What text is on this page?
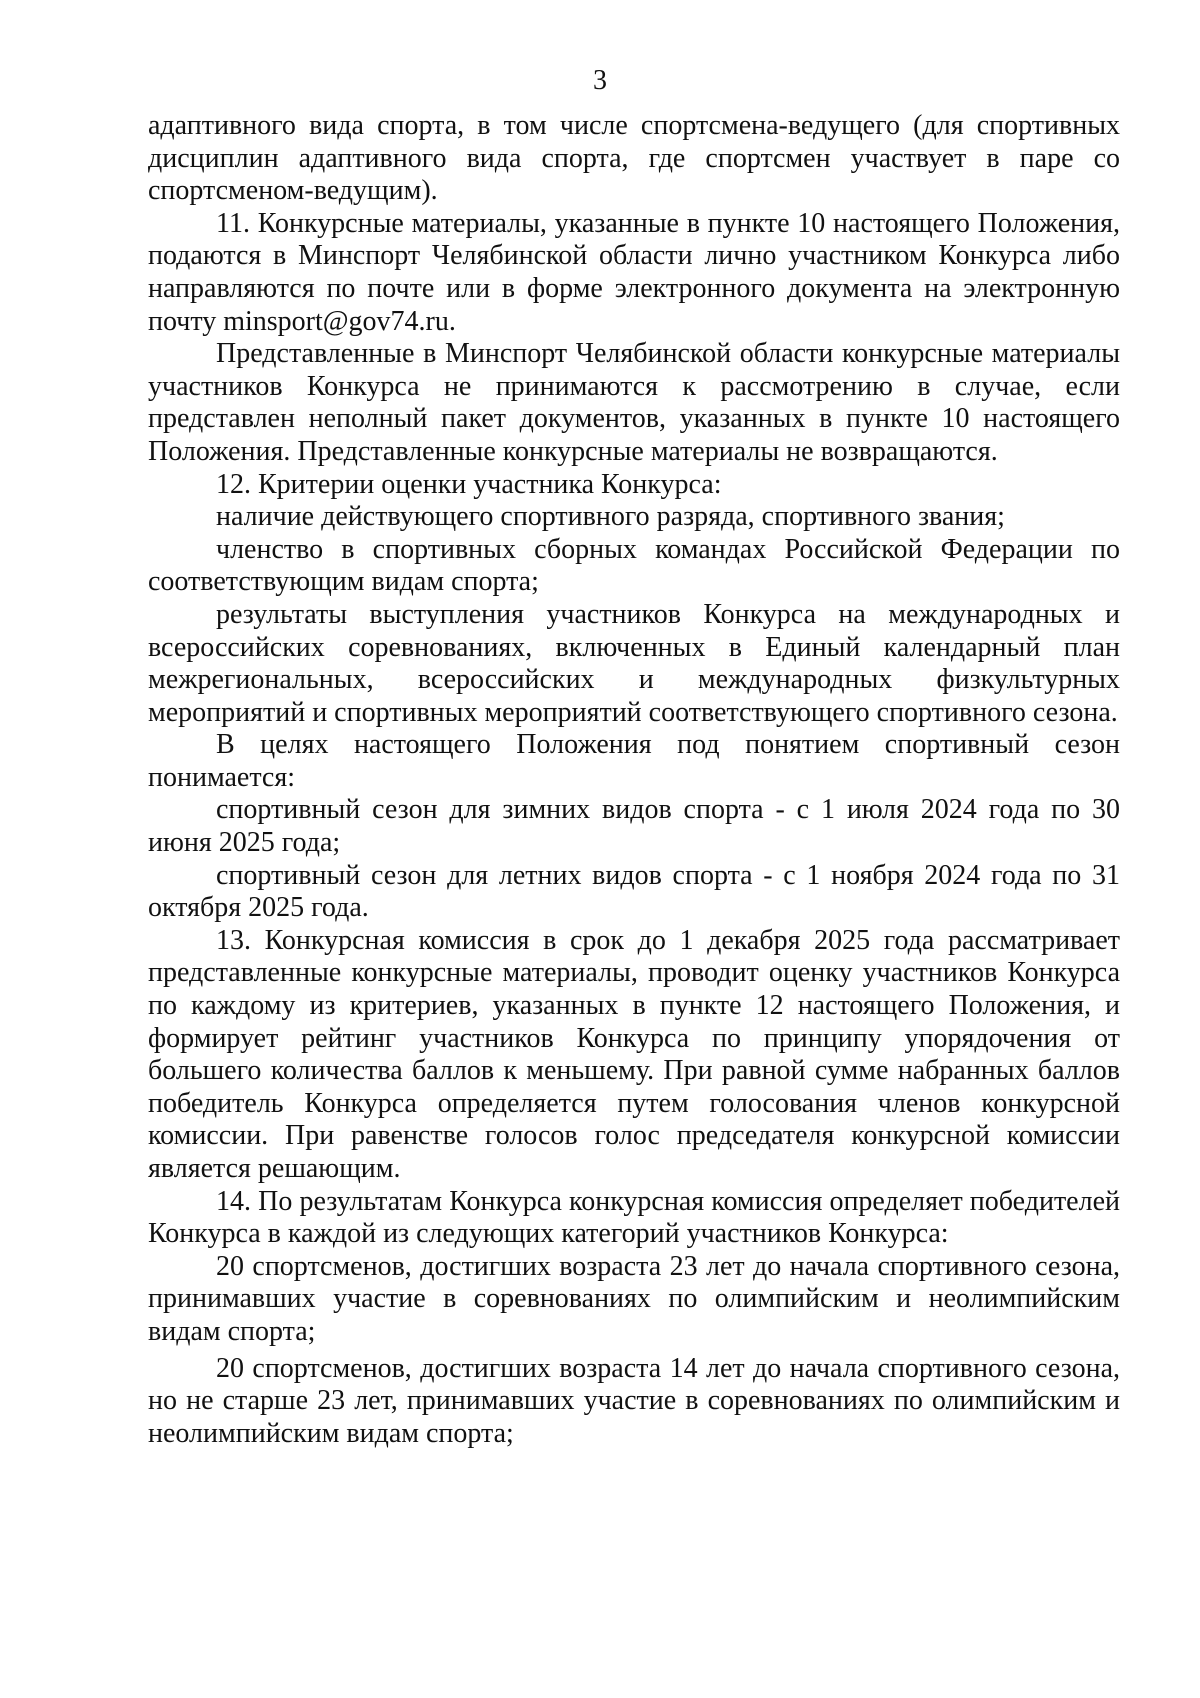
3

адаптивного вида спорта, в том числе спортсмена-ведущего (для спортивных дисциплин адаптивного вида спорта, где спортсмен участвует в паре со спортсменом-ведущим).

11. Конкурсные материалы, указанные в пункте 10 настоящего Положения, подаются в Минспорт Челябинской области лично участником Конкурса либо направляются по почте или в форме электронного документа на электронную почту minsport@gov74.ru.

Представленные в Минспорт Челябинской области конкурсные материалы участников Конкурса не принимаются к рассмотрению в случае, если представлен неполный пакет документов, указанных в пункте 10 настоящего Положения. Представленные конкурсные материалы не возвращаются.

12. Критерии оценки участника Конкурса:

наличие действующего спортивного разряда, спортивного звания;

членство в спортивных сборных командах Российской Федерации по соответствующим видам спорта;

результаты выступления участников Конкурса на международных и всероссийских соревнованиях, включенных в Единый календарный план межрегиональных, всероссийских и международных физкультурных мероприятий и спортивных мероприятий соответствующего спортивного сезона.

В целях настоящего Положения под понятием спортивный сезон понимается:

спортивный сезон для зимних видов спорта - с 1 июля 2024 года по 30 июня 2025 года;

спортивный сезон для летних видов спорта - с 1 ноября 2024 года по 31 октября 2025 года.

13. Конкурсная комиссия в срок до 1 декабря 2025 года рассматривает представленные конкурсные материалы, проводит оценку участников Конкурса по каждому из критериев, указанных в пункте 12 настоящего Положения, и формирует рейтинг участников Конкурса по принципу упорядочения от большего количества баллов к меньшему. При равной сумме набранных баллов победитель Конкурса определяется путем голосования членов конкурсной комиссии. При равенстве голосов голос председателя конкурсной комиссии является решающим.

14. По результатам Конкурса конкурсная комиссия определяет победителей Конкурса в каждой из следующих категорий участников Конкурса:

20 спортсменов, достигших возраста 23 лет до начала спортивного сезона, принимавших участие в соревнованиях по олимпийским и неолимпийским видам спорта;

20 спортсменов, достигших возраста 14 лет до начала спортивного сезона, но не старше 23 лет, принимавших участие в соревнованиях по олимпийским и неолимпийским видам спорта;
